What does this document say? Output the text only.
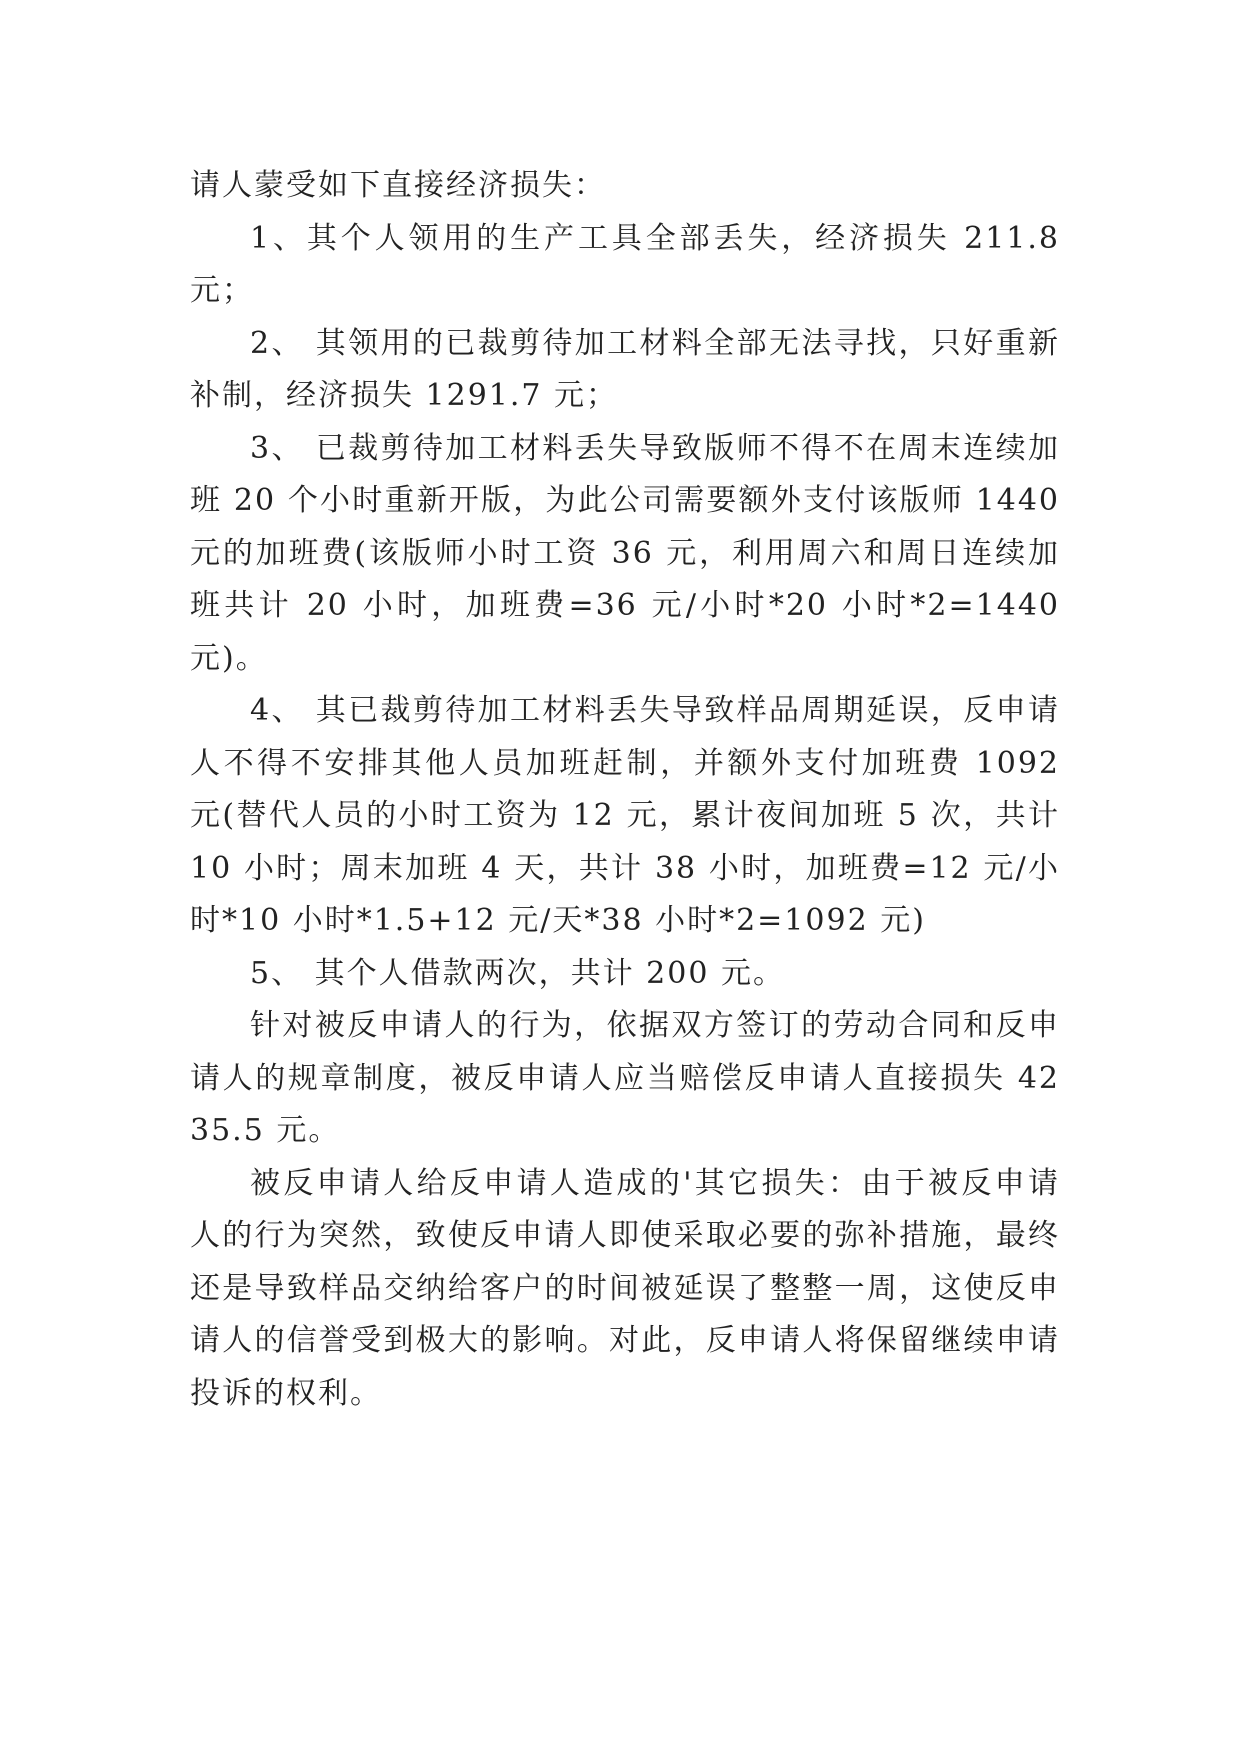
请人蒙受如下直接经济损失：

1、其个人领用的生产工具全部丢失，经济损失 211.8 元；

2、 其领用的已裁剪待加工材料全部无法寻找，只好重新补制，经济损失 1291.7 元；

3、 已裁剪待加工材料丢失导致版师不得不在周末连续加班 20 个小时重新开版，为此公司需要额外支付该版师 1440 元的加班费(该版师小时工资 36 元，利用周六和周日连续加班共计 20 小时，加班费=36 元/小时*20 小时*2=1440 元)。

4、 其已裁剪待加工材料丢失导致样品周期延误，反申请人不得不安排其他人员加班赶制，并额外支付加班费 1092 元(替代人员的小时工资为 12 元，累计夜间加班 5 次，共计 10 小时；周末加班 4 天，共计 38 小时，加班费=12 元/小时*10 小时*1.5+12 元/天*38 小时*2=1092 元)

5、 其个人借款两次，共计 200 元。

针对被反申请人的行为，依据双方签订的劳动合同和反申请人的规章制度，被反申请人应当赔偿反申请人直接损失 4235.5 元。

被反申请人给反申请人造成的'其它损失：由于被反申请人的行为突然，致使反申请人即使采取必要的弥补措施，最终还是导致样品交纳给客户的时间被延误了整整一周，这使反申请人的信誉受到极大的影响。对此，反申请人将保留继续申请投诉的权利。
